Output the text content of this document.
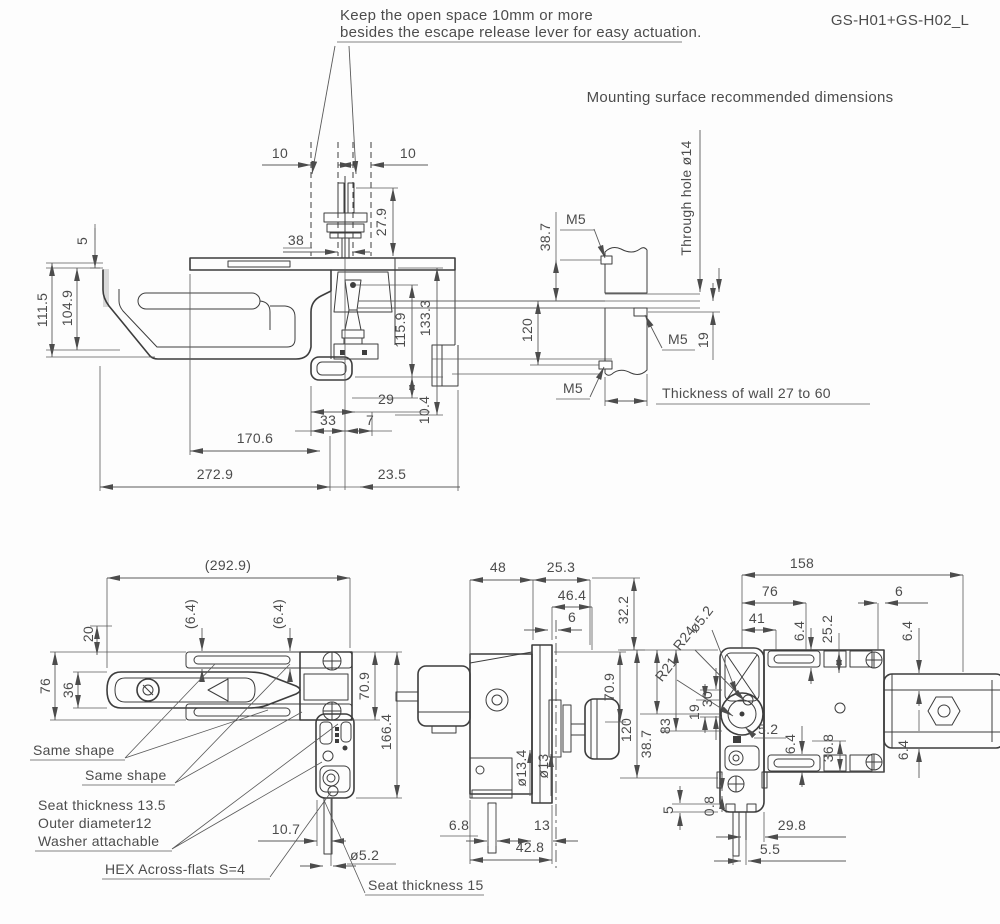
Keep the open space 10mm or more
besides the escape release lever for easy actuation.
GS-H01+GS-H02_L
Mounting surface recommended dimensions
10	10
38
27.9
5
111.5 104.9
115.9 133.3
10.4
29
33 7
170.6
272.9	23.5
M5
M5
M5
Through hole ø14
Thickness of wall 27 to 60
38.7
120	19
(292.9)
20
76 36
(6.4)	(6.4)
70.9
166.4
10.7
ø5.2
Same shape
Same shape
Seat thickness 13.5
Outer diameter12
Washer attachable
HEX Across-flats S=4
Seat thickness 15
48	25.3
46.4
6	32.2
70.9
ø13.4 ø13
6.8	13
42.8
158
76
41
6.4 25.2
6
6.4
ø5.2
R24
R21
120 38.7
83
19
30
5.2
5 0.8
29.8
5.5
36.8
6.4	6.4
